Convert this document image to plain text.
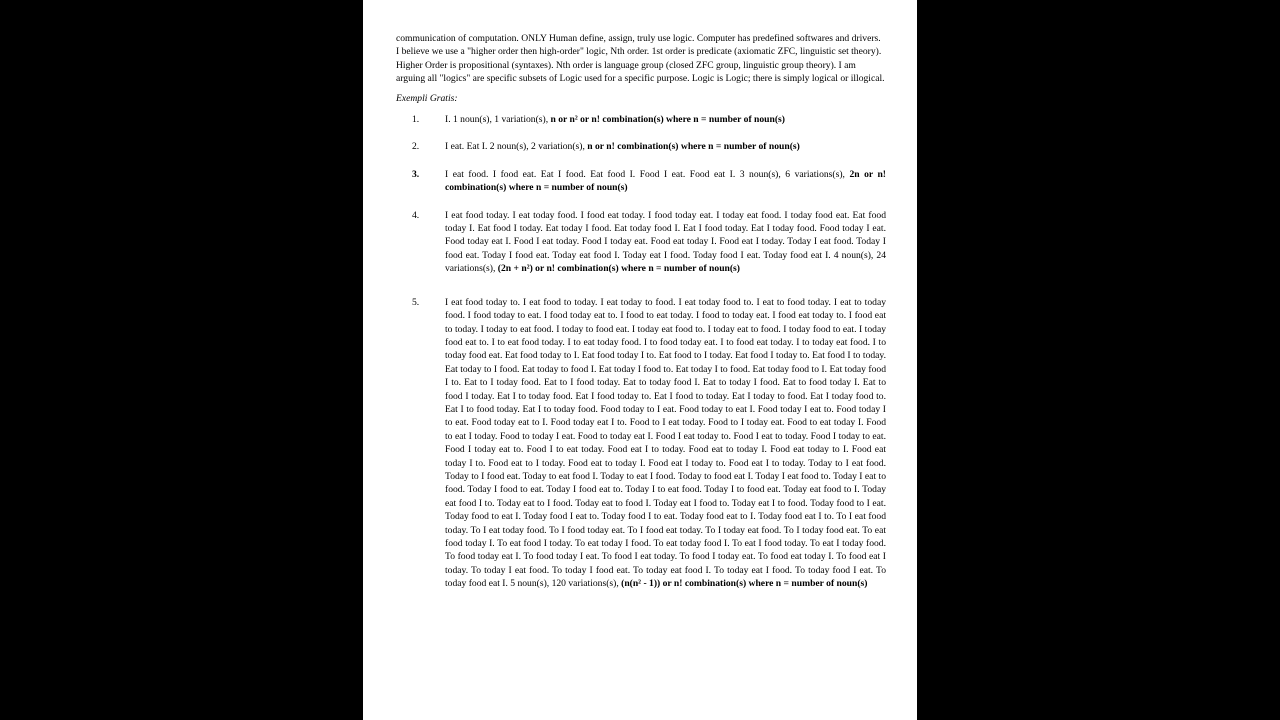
communication of computation. ONLY Human define, assign, truly use logic. Computer has predefined softwares and drivers. I believe we use a "higher order then high-order" logic, Nth order. 1st order is predicate (axiomatic ZFC, linguistic set theory). Higher Order is propositional (syntaxes). Nth order is language group (closed ZFC group, linguistic group theory). I am arguing all "logics" are specific subsets of Logic used for a specific purpose. Logic is Logic; there is simply logical or illogical.

Exempli Gratis:

1.	I. 1 noun(s), 1 variation(s), n or n² or n! combination(s) where n = number of noun(s)
2.	I eat. Eat I. 2 noun(s), 2 variation(s), n or n! combination(s) where n = number of noun(s)
3.	I eat food. I food eat. Eat I food. Eat food I. Food I eat. Food eat I. 3 noun(s), 6 variations(s), 2n or n! combination(s) where n = number of noun(s)
4.	I eat food today. I eat today food. I food eat today. I food today eat. I today eat food. I today food eat. Eat food today I. Eat food I today. Eat today I food. Eat today food I. Eat I food today. Eat I today food. Food today I eat. Food today eat I. Food I eat today. Food I today eat. Food eat today I. Food eat I today. Today I eat food. Today I food eat. Today I food eat. Today eat food I. Today eat I food. Today food I eat. Today food eat I. 4 noun(s), 24 variations(s), (2n + n²) or n! combination(s) where n = number of noun(s)
5.	I eat food today to. I eat food to today. I eat today to food. I eat today food to. I eat to food today. I eat to today food. I food today to eat. I food today eat to. I food to eat today. I food to today eat. I food eat today to. I food eat to today. I today to eat food. I today to food eat. I today eat food to. I today eat to food. I today food to eat. I today food eat to. I to eat food today. I to eat today food. I to food today eat. I to food eat today. I to today eat food. I to today food eat. Eat food today to I. Eat food today I to. Eat food to I today. Eat food I today to. Eat food I to today. Eat today to I food. Eat today to food I. Eat today I food to. Eat today I to food. Eat today food to I. Eat today food I to. Eat to I today food. Eat to I food today. Eat to today food I. Eat to today I food. Eat to food today I. Eat to food I today. Eat I to today food. Eat I food today to. Eat I food to today. Eat I today to food. Eat I today food to. Eat I to food today. Eat I to today food. Food today to I eat. Food today to eat I. Food today I eat to. Food today I to eat. Food today eat to I. Food today eat I to. Food to I eat today. Food to I today eat. Food to eat today I. Food to eat I today. Food to today I eat. Food to today eat I. Food I eat today to. Food I eat to today. Food I today to eat. Food I today eat to. Food I to eat today. Food eat I to today. Food eat to today I. Food eat today to I. Food eat today I to. Food eat to I today. Food eat to today I. Food eat I today to. Food eat I to today. Today to I eat food. Today to I food eat. Today to eat food I. Today to eat I food. Today to food eat I. Today I eat food to. Today I eat to food. Today I food to eat. Today I food eat to. Today I to eat food. Today I to food eat. Today eat food to I. Today eat food I to. Today eat to I food. Today eat to food I. Today eat I food to. Today eat I to food. Today food to I eat. Today food to eat I. Today food I eat to. Today food I to eat. Today food eat to I. Today food eat I to. To I eat food today. To I eat today food. To I food today eat. To I food eat today. To I today eat food. To I today food eat. To eat food today I. To eat food I today. To eat today I food. To eat today food I. To eat I food today. To eat I today food. To food today eat I. To food today I eat. To food I eat today. To food I today eat. To food eat today I. To food eat I today. To today I eat food. To today I food eat. To today eat food I. To today eat I food. To today food I eat. To today food eat I. 5 noun(s), 120 variations(s), (n(n² - 1)) or n! combination(s) where n = number of noun(s)
